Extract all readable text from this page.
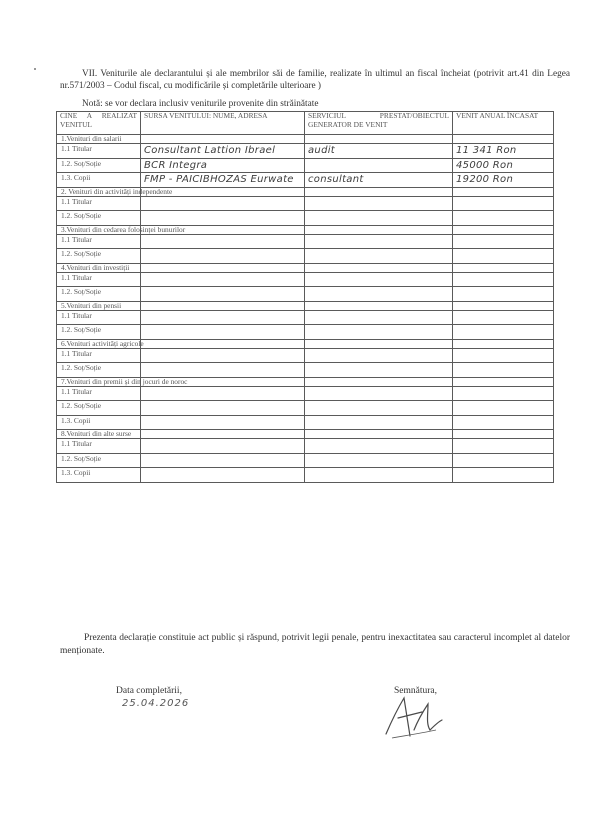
VII. Veniturile ale declarantului și ale membrilor săi de familie, realizate în ultimul an fiscal încheiat (potrivit art.41 din Legea nr.571/2003 – Codul fiscal, cu modificările și completările ulterioare )
Notă: se vor declara inclusiv veniturile provenite din străinătate
CINE A REALIZAT VENITUL	SURSA VENITULUI: NUME, ADRESA	SERVICIUL PRESTAT/OBIECTUL GENERATOR DE VENIT	VENIT ANUAL ÎNCASAT
1.Venituri din salarii			
1.1 Titular	Consultant Lattion Ibrael	audit	11 341 Ron
1.2. Soț/Soție	BCR Integra		45000 Ron
1.3. Copii	FMP - PAICIBHOZAS Eurwate	consultant	19200 Ron
2. Venituri din activități independente			
1.1 Titular			
1.2. Soț/Soție			
3.Venituri din cedarea folosinței bunurilor			
1.1 Titular			
1.2. Soț/Soție			
4.Venituri din investiții			
1.1 Titular			
1.2. Soț/Soție			
5.Venituri din pensii			
1.1 Titular			
1.2. Soț/Soție			
6.Venituri activități agricole			
1.1 Titular			
1.2. Soț/Soție			
7.Venituri din premii și din jocuri de noroc			
1.1 Titular			
1.2. Soț/Soție			
1.3. Copii			
8.Venituri din alte surse			
1.1 Titular			
1.2. Soț/Soție			
1.3. Copii			
Prezenta declarație constituie act public și răspund, potrivit legii penale, pentru inexactitatea sau caracterul incomplet al datelor menționate.
Data completării,
25.04.2026
Semnătura,
